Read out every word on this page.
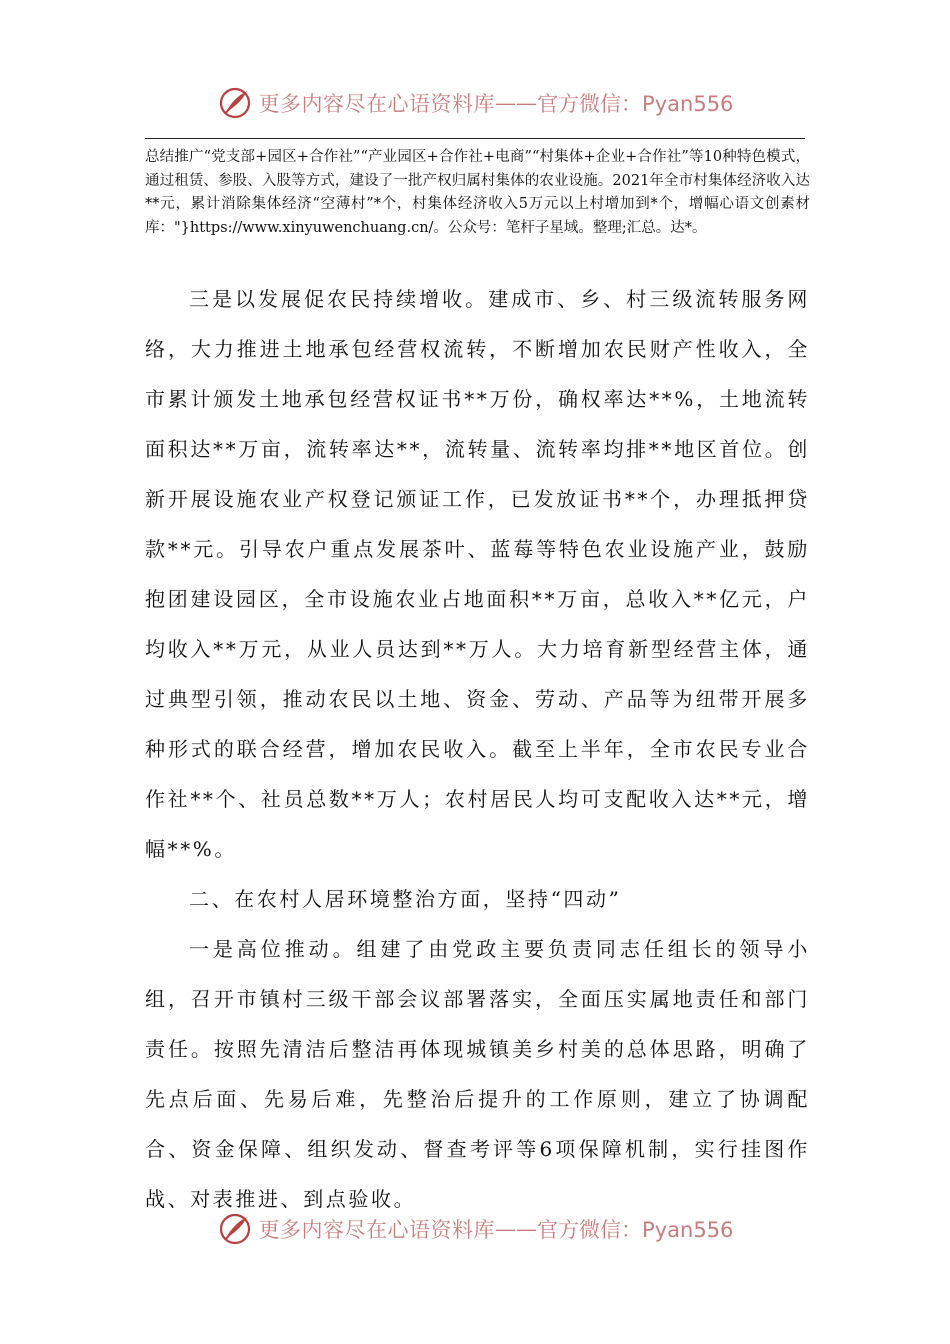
更多内容尽在心语资料库 —— 官方微信：Pyan556
总结推广“党支部+园区+合作社”“产业园区+合作社+电商”“村集体+企业+合作社”等10种特色模式，通过租赁、参股、入股等方式，建设了一批产权归属村集体的农业设施。2021年全市村集体经济收入达**元，累计消除集体经济“空薄村”*个，村集体经济收入5万元以上村增加到*个，增幅心语文创素材库："}https://www.xinyuwenchuang.cn/。公众号：笔杆子星域。整理;汇总。达*。

三是以发展促农民持续增收。建成市、乡、村三级流转服务网络，大力推进土地承包经营权流转，不断增加农民财产性收入，全市累计颁发土地承包经营权证书**万份，确权率达**%，土地流转面积达**万亩，流转率达**，流转量、流转率均排**地区首位。创新开展设施农业产权登记颁证工作，已发放证书**个，办理抵押贷款**元。引导农户重点发展茶叶、蓝莓等特色农业设施产业，鼓励抱团建设园区，全市设施农业占地面积**万亩，总收入**亿元，户均收入**万元，从业人员达到**万人。大力培育新型经营主体，通过典型引领，推动农民以土地、资金、劳动、产品等为纽带开展多种形式的联合经营，增加农民收入。截至上半年，全市农民专业合作社**个、社员总数**万人；农村居民人均可支配收入达**元，增幅**%。

二、在农村人居环境整治方面，坚持“四动”

一是高位推动。组建了由党政主要负责同志任组长的领导小组，召开市镇村三级干部会议部署落实，全面压实属地责任和部门责任。按照先清洁后整洁再体现城镇美乡村美的总体思路，明确了先点后面、先易后难，先整治后提升的工作原则，建立了协调配合、资金保障、组织发动、督查考评等6项保障机制，实行挂图作战、对表推进、到点验收。

更多内容尽在心语资料库 —— 官方微信：Pyan556
